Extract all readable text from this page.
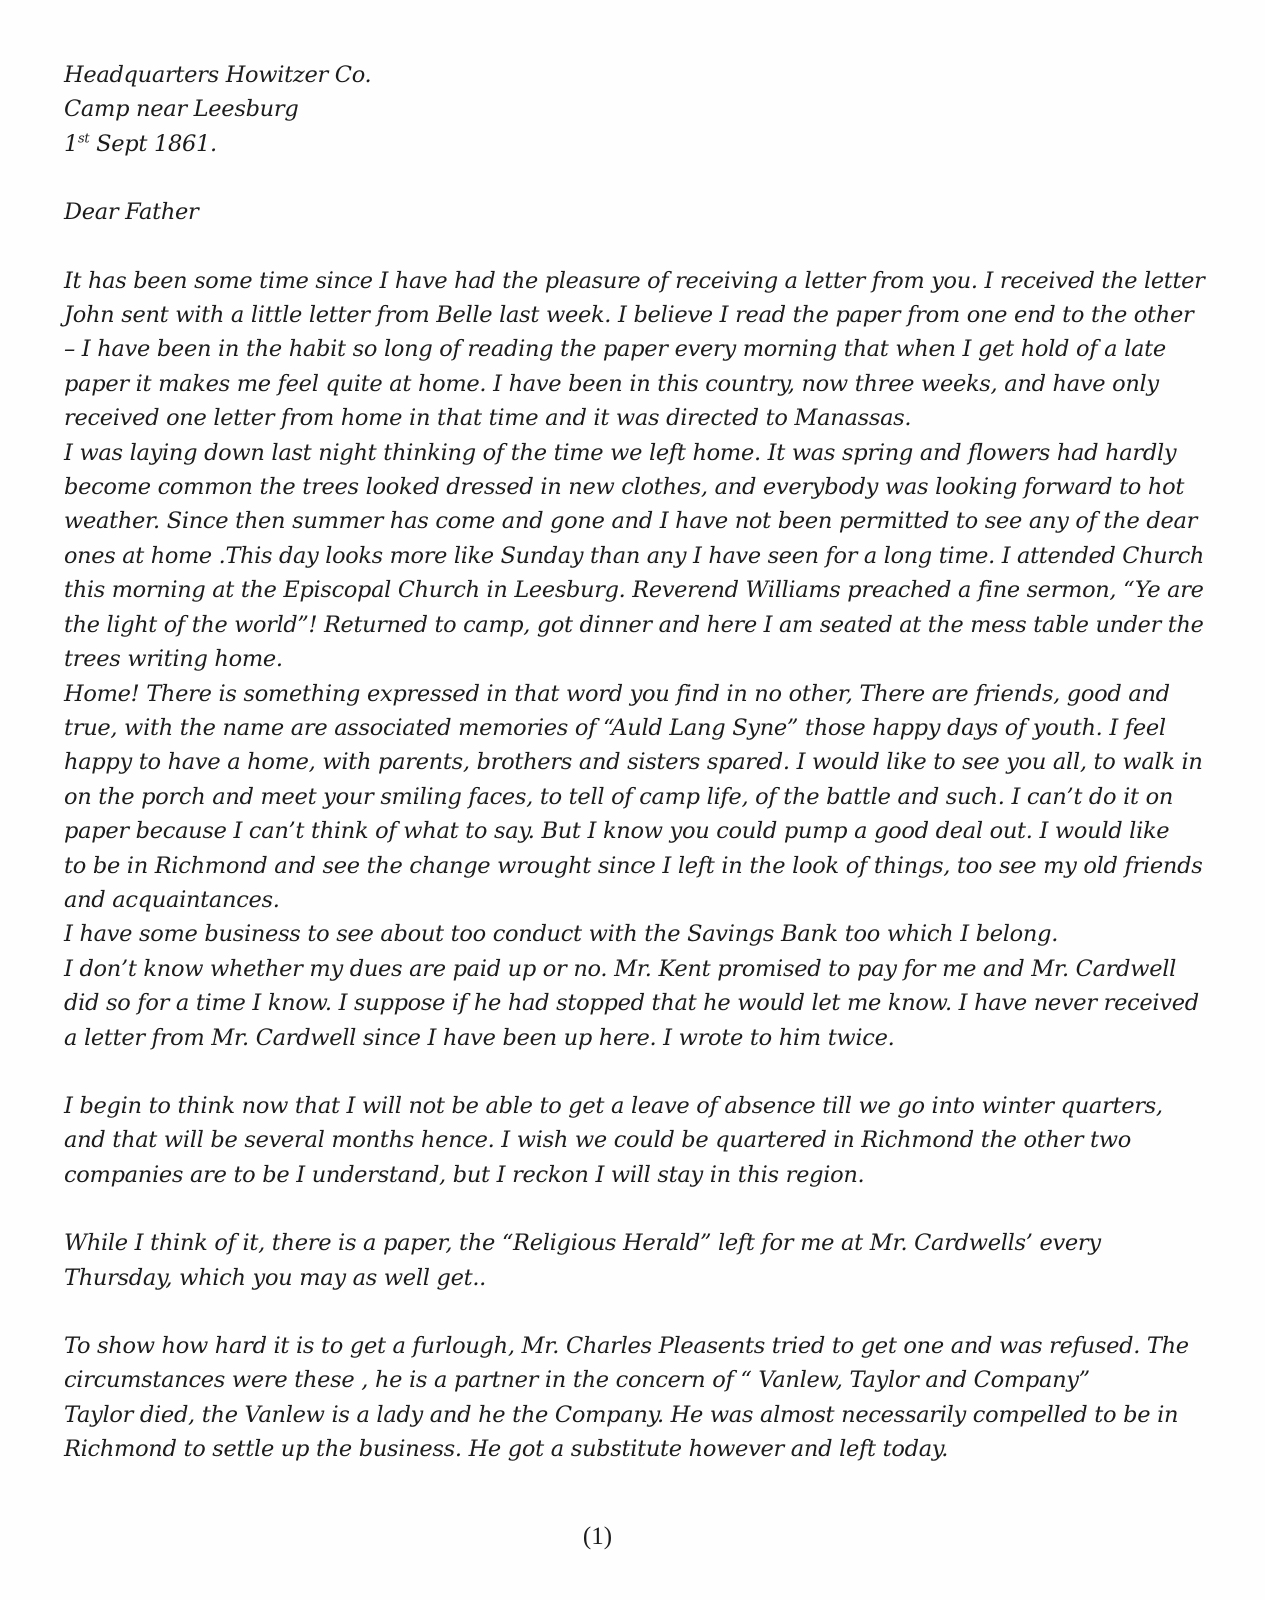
Headquarters Howitzer Co.
Camp near Leesburg
1st Sept 1861.
Dear Father
It has been some time since I have had the pleasure of receiving a letter from you. I received the letter
John sent with a little letter from Belle last week. I believe I read the paper from one end to the other
– I have been in the habit so long of reading the paper every morning that when I get hold of a late
paper it makes me feel quite at home. I have been in this country, now three weeks, and have only
received one letter from home in that time and it was directed to Manassas.
I was laying down last night thinking of the time we left home. It was spring and flowers had hardly
become common the trees looked dressed in new clothes, and everybody was looking forward to hot
weather. Since then summer has come and gone and I have not been permitted to see any of the dear
ones at home .This day looks more like Sunday than any I have seen for a long time. I attended Church
this morning at the Episcopal Church in Leesburg. Reverend Williams preached a fine sermon, “Ye are
the light of the world”! Returned to camp, got dinner and here I am seated at the mess table under the
trees writing home.
Home! There is something expressed in that word you find in no other, There are friends, good and
true, with the name are associated memories of “Auld Lang Syne” those happy days of youth. I feel
happy to have a home, with parents, brothers and sisters spared. I would like to see you all, to walk in
on the porch and meet your smiling faces, to tell of camp life, of the battle and such. I can’t do it on
paper because I can’t think of what to say. But I know you could pump a good deal out. I would like
to be in Richmond and see the change wrought since I left in the look of things, too see my old friends
and acquaintances.
I have some business to see about too conduct with the Savings Bank too which I belong.
I don’t know whether my dues are paid up or no. Mr. Kent promised to pay for me and Mr. Cardwell
did so for a time I know. I suppose if he had stopped that he would let me know. I have never received
a letter from Mr. Cardwell since I have been up here. I wrote to him twice.
I begin to think now that I will not be able to get a leave of absence till we go into winter quarters,
and that will be several months hence. I wish we could be quartered in Richmond the other two
companies are to be I understand, but I reckon I will stay in this region.
While I think of it, there is a paper, the “Religious Herald” left for me at Mr. Cardwells’ every
Thursday, which you may as well get..
To show how hard it is to get a furlough, Mr. Charles Pleasents tried to get one and was refused. The
circumstances were these , he is a partner in the concern of “ Vanlew, Taylor and Company”
Taylor died, the Vanlew is a lady and he the Company. He was almost necessarily compelled to be in
Richmond to settle up the business. He got a substitute however and left today.
(1)
